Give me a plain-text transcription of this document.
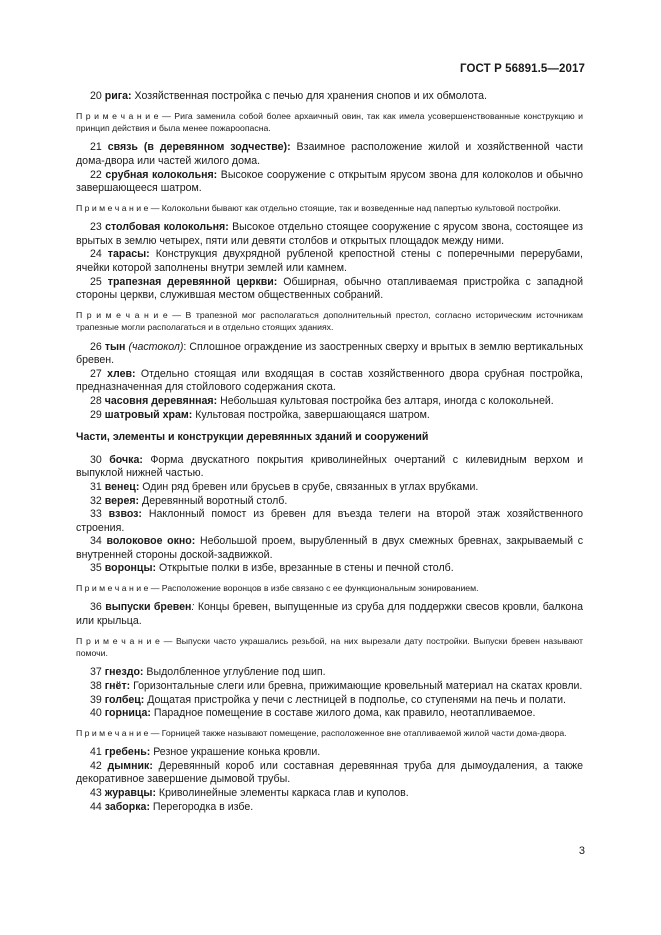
ГОСТ Р 56891.5—2017

20 рига: Хозяйственная постройка с печью для хранения снопов и их обмолота.

П р и м е ч а н и е — Рига заменила собой более архаичный овин, так как имела усовершенствованные конструкцию и принцип действия и была менее пожароопасна.

21 связь (в деревянном зодчестве): Взаимное расположение жилой и хозяйственной части дома-двора или частей жилого дома.

22 срубная колокольня: Высокое сооружение с открытым ярусом звона для колоколов и обычно завершающееся шатром.

П р и м е ч а н и е — Колокольни бывают как отдельно стоящие, так и возведенные над папертью культовой постройки.

23 столбовая колокольня: Высокое отдельно стоящее сооружение с ярусом звона, состоящее из врытых в землю четырех, пяти или девяти столбов и открытых площадок между ними.

24 тарасы: Конструкция двухрядной рубленой крепостной стены с поперечными перерубами, ячейки которой заполнены внутри землей или камнем.

25 трапезная деревянной церкви: Обширная, обычно отапливаемая пристройка с западной стороны церкви, служившая местом общественных собраний.

П р и м е ч а н и е — В трапезной мог располагаться дополнительный престол, согласно историческим источникам трапезные могли располагаться и в отдельно стоящих зданиях.

26 тын (частокол): Сплошное ограждение из заостренных сверху и врытых в землю вертикальных бревен.

27 хлев: Отдельно стоящая или входящая в состав хозяйственного двора срубная постройка, предназначенная для стойлового содержания скота.

28 часовня деревянная: Небольшая культовая постройка без алтаря, иногда с колокольней.

29 шатровый храм: Культовая постройка, завершающаяся шатром.

Части, элементы и конструкции деревянных зданий и сооружений

30 бочка: Форма двускатного покрытия криволинейных очертаний с килевидным верхом и выпуклой нижней частью.

31 венец: Один ряд бревен или брусьев в срубе, связанных в углах врубками.

32 верея: Деревянный воротный столб.

33 взвоз: Наклонный помост из бревен для въезда телеги на второй этаж хозяйственного строения.

34 волоковое окно: Небольшой проем, вырубленный в двух смежных бревнах, закрываемый с внутренней стороны доской-задвижкой.

35 воронцы: Открытые полки в избе, врезанные в стены и печной столб.

П р и м е ч а н и е — Расположение воронцов в избе связано с ее функциональным зонированием.

36 выпуски бревен: Концы бревен, выпущенные из сруба для поддержки свесов кровли, балкона или крыльца.

П р и м е ч а н и е — Выпуски часто украшались резьбой, на них вырезали дату постройки. Выпуски бревен называют помочи.

37 гнездо: Выдолбленное углубление под шип.

38 гнёт: Горизонтальные слеги или бревна, прижимающие кровельный материал на скатах кровли.

39 голбец: Дощатая пристройка у печи с лестницей в подполье, со ступенями на печь и полати.

40 горница: Парадное помещение в составе жилого дома, как правило, неотапливаемое.

П р и м е ч а н и е — Горницей также называют помещение, расположенное вне отапливаемой жилой части дома-двора.

41 гребень: Резное украшение конька кровли.

42 дымник: Деревянный короб или составная деревянная труба для дымоудаления, а также декоративное завершение дымовой трубы.

43 журавцы: Криволинейные элементы каркаса глав и куполов.

44 заборка: Перегородка в избе.

3
